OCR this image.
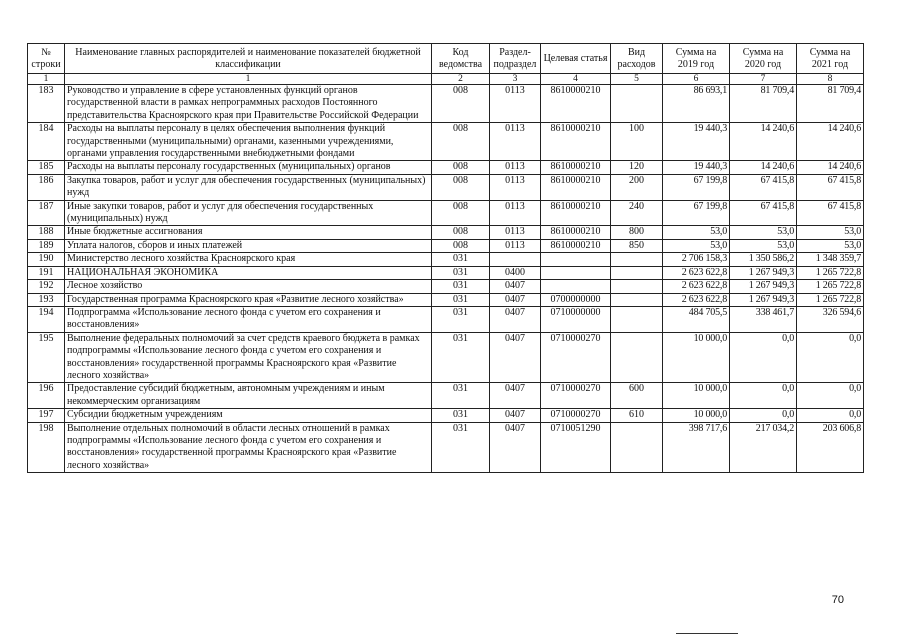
№ строки	Наименование главных распорядителей и наименование показателей бюджетной классификации	Код ведомства	Раздел-подраздел	Целевая статья	Вид расходов	Сумма на 2019 год	Сумма на 2020 год	Сумма на 2021 год
1	1	2	3	4	5	6	7	8
183	Руководство и управление в сфере установленных функций органов государственной власти в рамках непрограммных расходов Постоянного представительства Красноярского края при Правительстве Российской Федерации	008	0113	8610000210		86 693,1	81 709,4	81 709,4
184	Расходы на выплаты персоналу в целях обеспечения выполнения функций государственными (муниципальными) органами, казенными учреждениями, органами управления государственными внебюджетными фондами	008	0113	8610000210	100	19 440,3	14 240,6	14 240,6
185	Расходы на выплаты персоналу государственных (муниципальных) органов	008	0113	8610000210	120	19 440,3	14 240,6	14 240,6
186	Закупка товаров, работ и услуг для обеспечения государственных (муниципальных) нужд	008	0113	8610000210	200	67 199,8	67 415,8	67 415,8
187	Иные закупки товаров, работ и услуг для обеспечения государственных (муниципальных) нужд	008	0113	8610000210	240	67 199,8	67 415,8	67 415,8
188	Иные бюджетные ассигнования	008	0113	8610000210	800	53,0	53,0	53,0
189	Уплата налогов, сборов и иных платежей	008	0113	8610000210	850	53,0	53,0	53,0
190	Министерство лесного хозяйства Красноярского края	031				2 706 158,3	1 350 586,2	1 348 359,7
191	НАЦИОНАЛЬНАЯ ЭКОНОМИКА	031	0400			2 623 622,8	1 267 949,3	1 265 722,8
192	Лесное хозяйство	031	0407			2 623 622,8	1 267 949,3	1 265 722,8
193	Государственная программа Красноярского края «Развитие лесного хозяйства»	031	0407	0700000000		2 623 622,8	1 267 949,3	1 265 722,8
194	Подпрограмма «Использование лесного фонда с учетом его сохранения и восстановления»	031	0407	0710000000		484 705,5	338 461,7	326 594,6
195	Выполнение федеральных полномочий за счет средств краевого бюджета в рамках подпрограммы «Использование лесного фонда с учетом его сохранения и восстановления» государственной программы Красноярского края «Развитие лесного хозяйства»	031	0407	0710000270		10 000,0	0,0	0,0
196	Предоставление субсидий бюджетным, автономным учреждениям и иным некоммерческим организациям	031	0407	0710000270	600	10 000,0	0,0	0,0
197	Субсидии бюджетным учреждениям	031	0407	0710000270	610	10 000,0	0,0	0,0
198	Выполнение отдельных полномочий в области лесных отношений в рамках подпрограммы «Использование лесного фонда с учетом его сохранения и восстановления» государственной программы Красноярского края «Развитие лесного хозяйства»	031	0407	0710051290		398 717,6	217 034,2	203 606,8
70
